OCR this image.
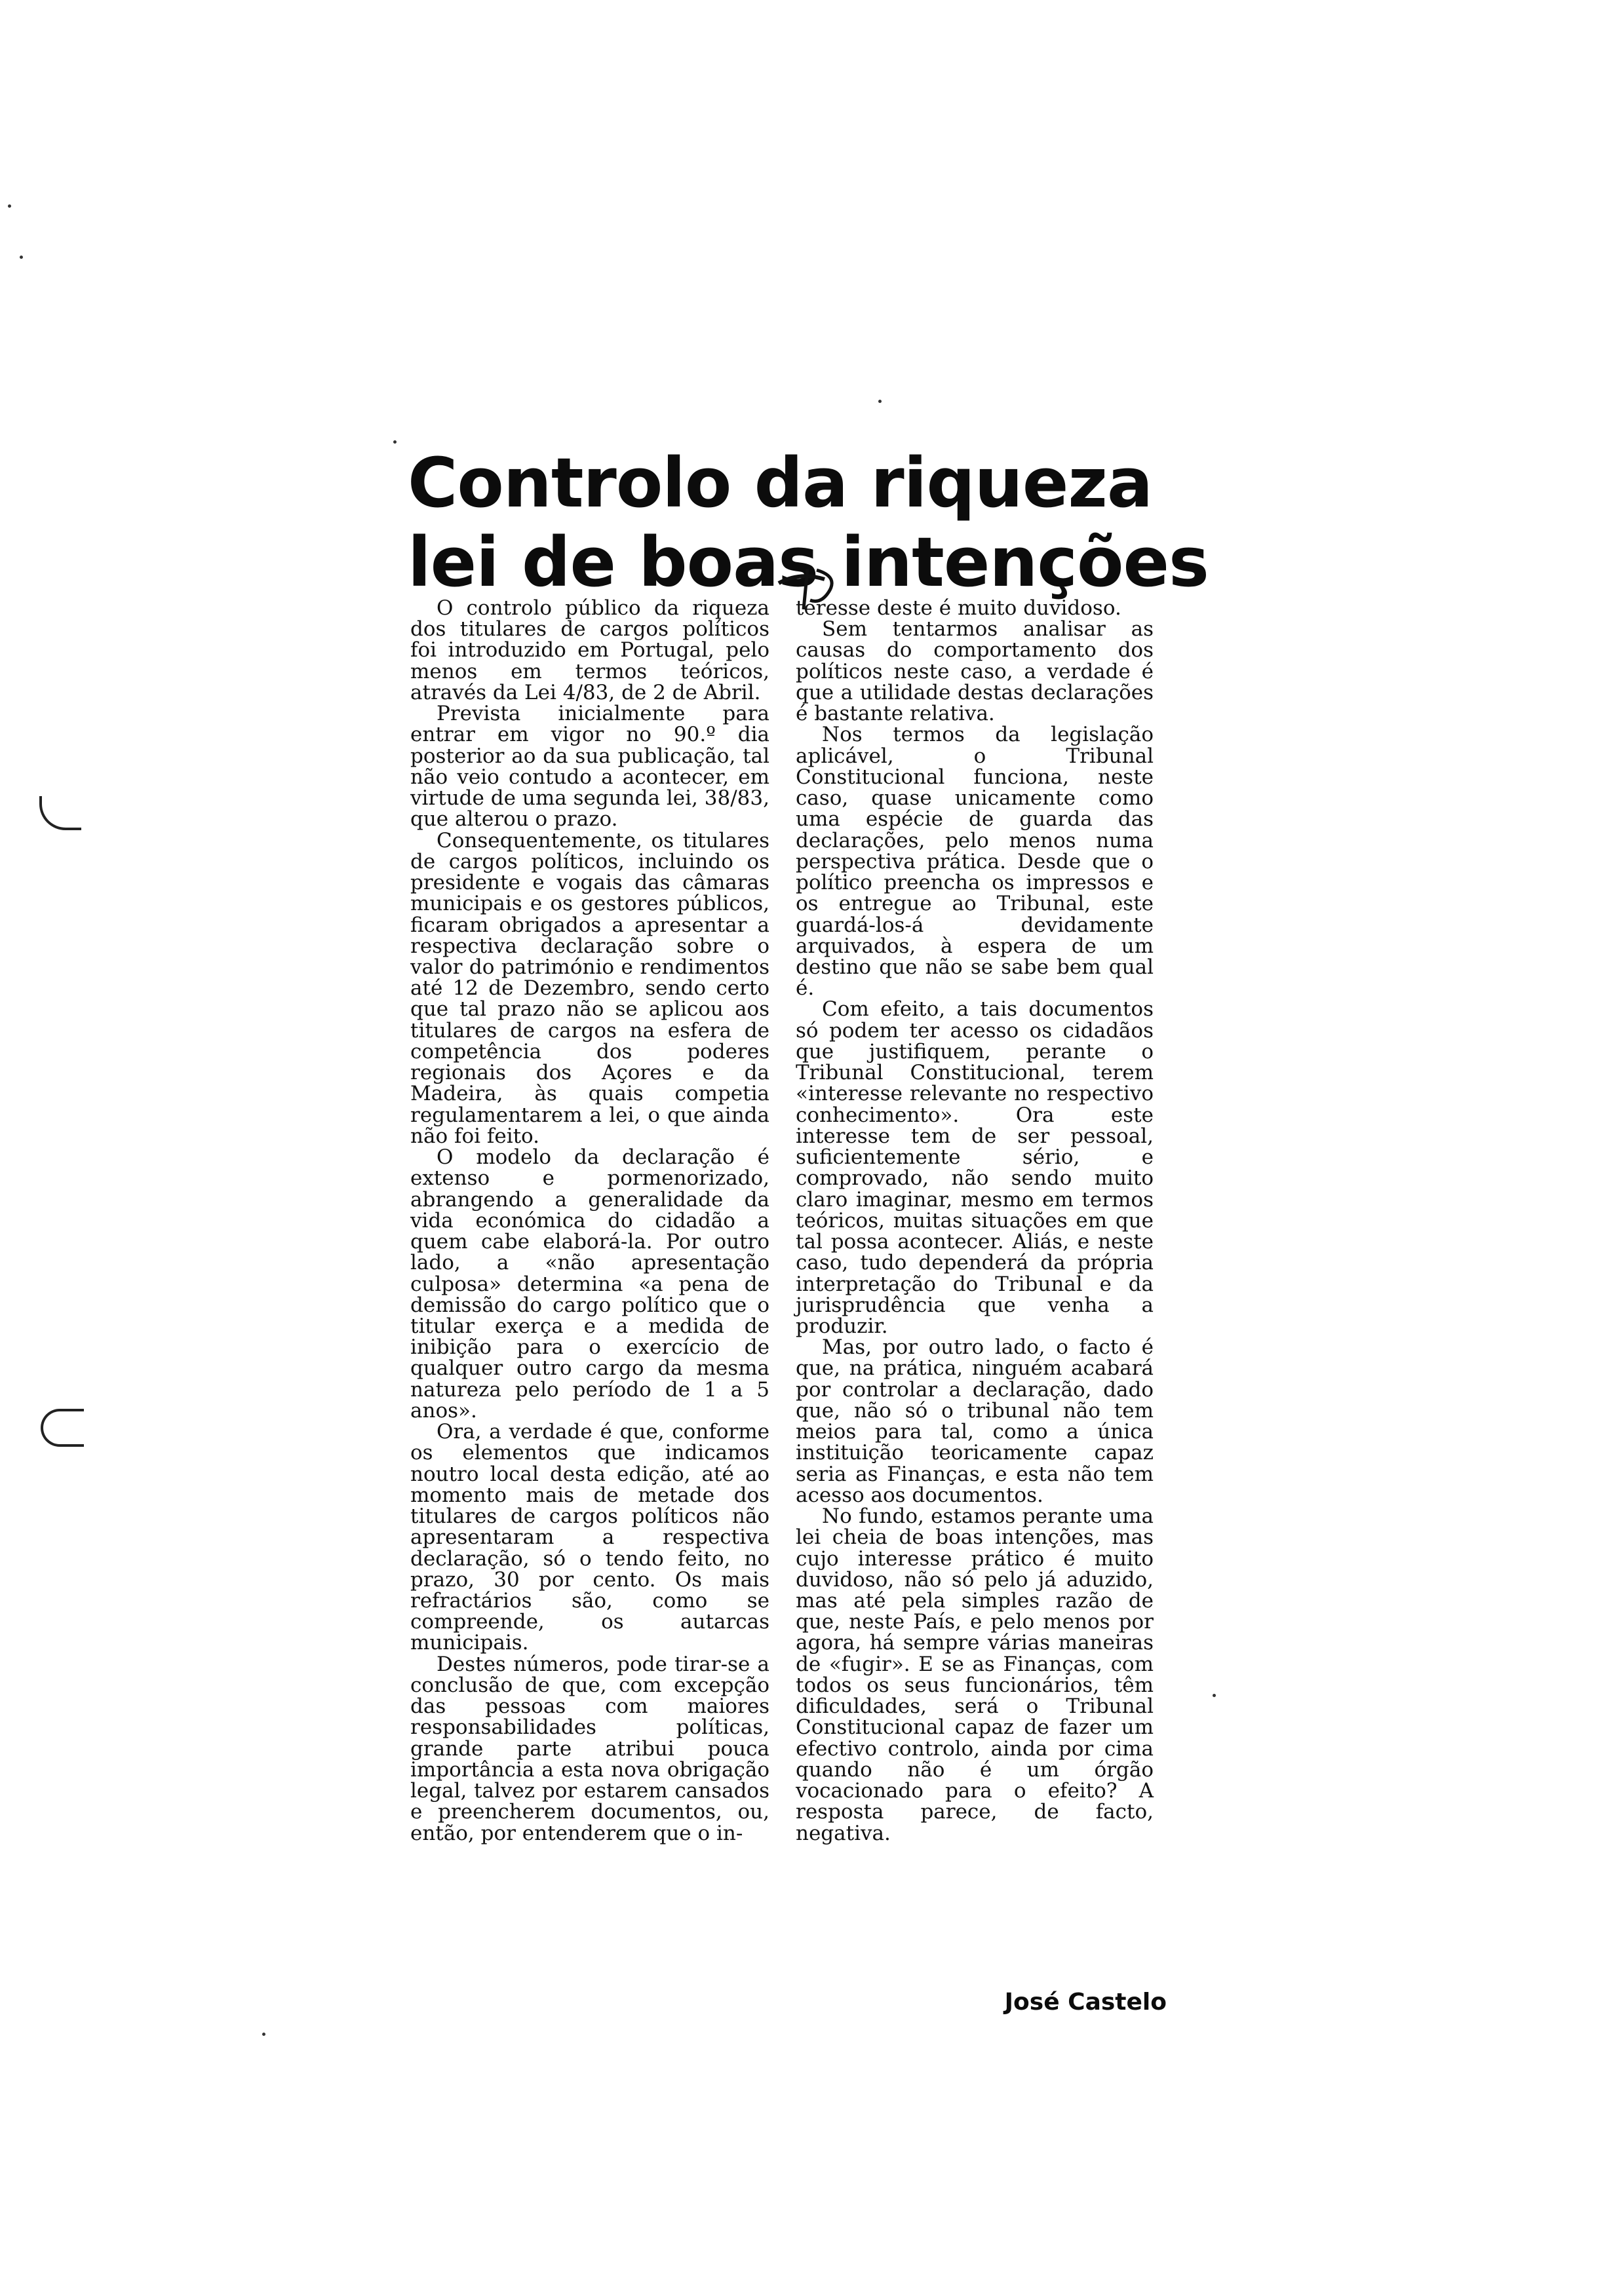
Controlo da riqueza
lei de boas intenções

O controlo público da riqueza dos titulares de cargos políticos foi introduzido em Portugal, pelo menos em termos teóricos, através da Lei 4/83, de 2 de Abril.

Prevista inicialmente para entrar em vigor no 90.º dia posterior ao da sua publicação, tal não veio contudo a acontecer, em virtude de uma segunda lei, 38/83, que alterou o prazo.

Consequentemente, os titulares de cargos políticos, incluindo os presidente e vogais das câmaras municipais e os gestores públicos, ficaram obrigados a apresentar a respectiva declaração sobre o valor do património e rendimentos até 12 de Dezembro, sendo certo que tal prazo não se aplicou aos titulares de cargos na esfera de competência dos poderes regionais dos Açores e da Madeira, às quais competia regulamentarem a lei, o que ainda não foi feito.

O modelo da declaração é extenso e pormenorizado, abrangendo a generalidade da vida económica do cidadão a quem cabe elaborá-la. Por outro lado, a «não apresentação culposa» determina «a pena de demissão do cargo político que o titular exerça e a medida de inibição para o exercício de qualquer outro cargo da mesma natureza pelo período de 1 a 5 anos».

Ora, a verdade é que, conforme os elementos que indicamos noutro local desta edição, até ao momento mais de metade dos titulares de cargos políticos não apresentaram a respectiva declaração, só o tendo feito, no prazo, 30 por cento. Os mais refractários são, como se compreende, os autarcas municipais.

Destes números, pode tirar-se a conclusão de que, com excepção das pessoas com maiores responsabilidades políticas, grande parte atribui pouca importância a esta nova obrigação legal, talvez por estarem cansados e preencherem documentos, ou, então, por entenderem que o in-

teresse deste é muito duvidoso.

Sem tentarmos analisar as causas do comportamento dos políticos neste caso, a verdade é que a utilidade destas declarações é bastante relativa.

Nos termos da legislação aplicável, o Tribunal Constitucional funciona, neste caso, quase unicamente como uma espécie de guarda das declarações, pelo menos numa perspectiva prática. Desde que o político preencha os impressos e os entregue ao Tribunal, este guardá-los-á devidamente arquivados, à espera de um destino que não se sabe bem qual é.

Com efeito, a tais documentos só podem ter acesso os cidadãos que justifiquem, perante o Tribunal Constitucional, terem «interesse relevante no respectivo conhecimento». Ora este interesse tem de ser pessoal, suficientemente sério, e comprovado, não sendo muito claro imaginar, mesmo em termos teóricos, muitas situações em que tal possa acontecer. Aliás, e neste caso, tudo dependerá da própria interpretação do Tribunal e da jurisprudência que venha a produzir.

Mas, por outro lado, o facto é que, na prática, ninguém acabará por controlar a declaração, dado que, não só o tribunal não tem meios para tal, como a única instituição teoricamente capaz seria as Finanças, e esta não tem acesso aos documentos.

No fundo, estamos perante uma lei cheia de boas intenções, mas cujo interesse prático é muito duvidoso, não só pelo já aduzido, mas até pela simples razão de que, neste País, e pelo menos por agora, há sempre várias maneiras de «fugir». E se as Finanças, com todos os seus funcionários, têm dificuldades, será o Tribunal Constitucional capaz de fazer um efectivo controlo, ainda por cima quando não é um órgão vocacionado para o efeito? A resposta parece, de facto, negativa.

José Castelo
